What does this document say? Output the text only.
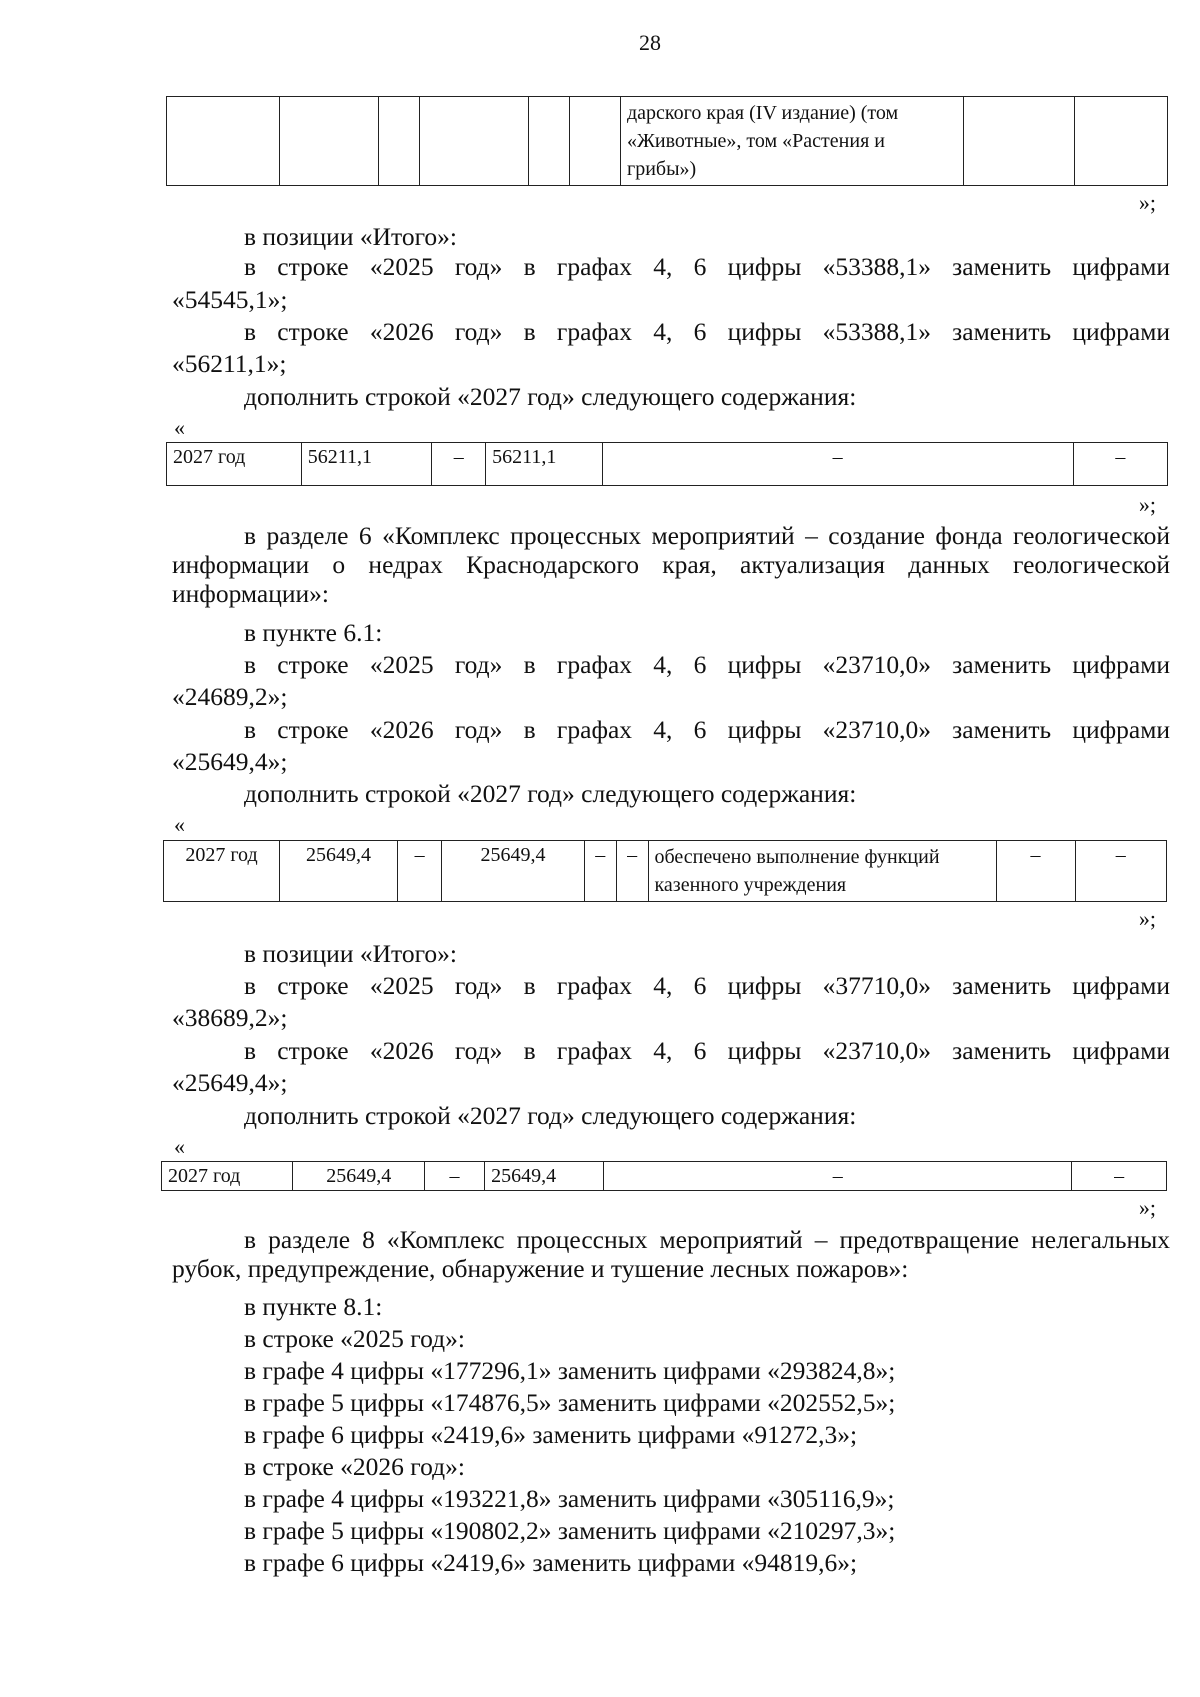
28
						дарского края (IV издание) (том «Животные», том «Растения и грибы»)		
»;
в позиции «Итого»:
в строке «2025 год» в графах 4, 6 цифры «53388,1» заменить цифрами
«54545,1»;
в строке «2026 год» в графах 4, 6 цифры «53388,1» заменить цифрами
«56211,1»;
дополнить строкой «2027 год» следующего содержания:
«
2027 год	56211,1	–	56211,1	–	–
»;
в разделе 6 «Комплекс процессных мероприятий – создание фонда геологической информации о недрах Краснодарского края, актуализация данных геологической информации»:
в пункте 6.1:
в строке «2025 год» в графах 4, 6 цифры «23710,0» заменить цифрами
«24689,2»;
в строке «2026 год» в графах 4, 6 цифры «23710,0» заменить цифрами
«25649,4»;
дополнить строкой «2027 год» следующего содержания:
«
2027 год	25649,4	–	25649,4	–	–	обеспечено выполнение функций казенного учреждения	–	–
»;
в позиции «Итого»:
в строке «2025 год» в графах 4, 6 цифры «37710,0» заменить цифрами
«38689,2»;
в строке «2026 год» в графах 4, 6 цифры «23710,0» заменить цифрами
«25649,4»;
дополнить строкой «2027 год» следующего содержания:
«
2027 год	25649,4	–	25649,4	–	–
»;
в разделе 8 «Комплекс процессных мероприятий – предотвращение нелегальных рубок, предупреждение, обнаружение и тушение лесных пожаров»:
в пункте 8.1:
в строке «2025 год»:
в графе 4 цифры «177296,1» заменить цифрами «293824,8»;
в графе 5 цифры «174876,5» заменить цифрами «202552,5»;
в графе 6 цифры «2419,6» заменить цифрами «91272,3»;
в строке «2026 год»:
в графе 4 цифры «193221,8» заменить цифрами «305116,9»;
в графе 5 цифры «190802,2» заменить цифрами «210297,3»;
в графе 6 цифры «2419,6» заменить цифрами «94819,6»;
